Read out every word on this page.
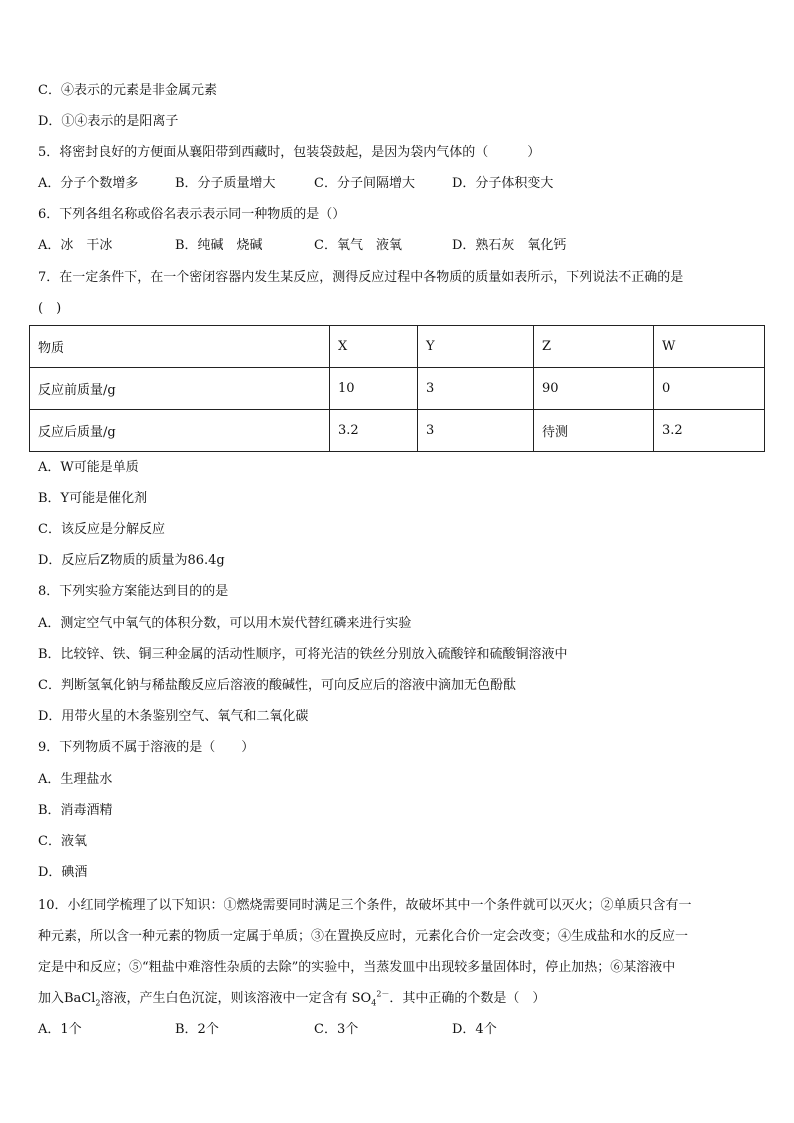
C．④表示的元素是非金属元素
D．①④表示的是阳离子
5．将密封良好的方便面从襄阳带到西藏时，包装袋鼓起，是因为袋内气体的（　　　）
A．分子个数增多	B．分子质量增大	C．分子间隔增大	D．分子体积变大
6．下列各组名称或俗名表示表示同一种物质的是（）
A．冰　干冰	B．纯碱　烧碱	C．氧气　液氧	D．熟石灰　氧化钙
7．在一定条件下，在一个密闭容器内发生某反应，测得反应过程中各物质的质量如表所示，下列说法不正确的是
(　)
物质	X	Y	Z	W
反应前质量/g	10	3	90	0
反应后质量/g	3.2	3	待测	3.2
A．W可能是单质
B．Y可能是催化剂
C．该反应是分解反应
D．反应后Z物质的质量为86.4g
8．下列实验方案能达到目的的是
A．测定空气中氧气的体积分数，可以用木炭代替红磷来进行实验
B．比较锌、铁、铜三种金属的活动性顺序，可将光洁的铁丝分别放入硫酸锌和硫酸铜溶液中
C．判断氢氧化钠与稀盐酸反应后溶液的酸碱性，可向反应后的溶液中滴加无色酚酞
D．用带火星的木条鉴别空气、氧气和二氧化碳
9．下列物质不属于溶液的是（　　）
A．生理盐水
B．消毒酒精
C．液氧
D．碘酒
10．小红同学梳理了以下知识：①燃烧需要同时满足三个条件，故破坏其中一个条件就可以灭火；②单质只含有一
种元素，所以含一种元素的物质一定属于单质；③在置换反应时，元素化合价一定会改变；④生成盐和水的反应一
定是中和反应；⑤“粗盐中难溶性杂质的去除”的实验中，当蒸发皿中出现较多量固体时，停止加热；⑥某溶液中
加入BaCl$_2$溶液，产生白色沉淀，则该溶液中一定含有 $SO_4^{2-}$．其中正确的个数是（　）
A．1个	B．2个	C．3个	D．4个
